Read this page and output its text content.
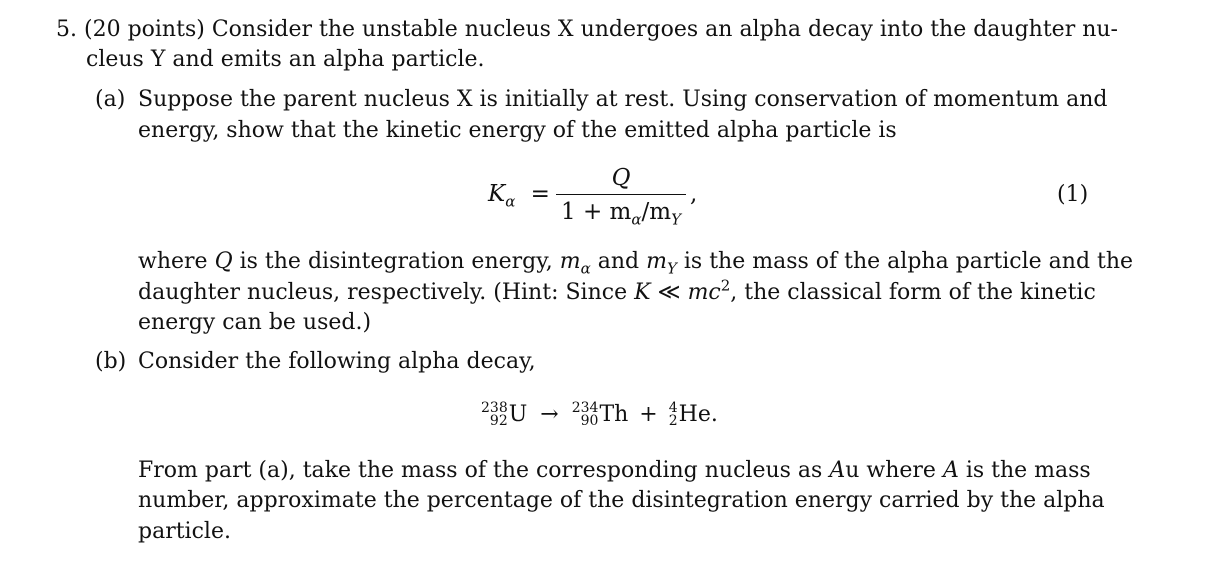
5. (20 points) Consider the unstable nucleus X undergoes an alpha decay into the daughter nu-
cleus Y and emits an alpha particle.
(a) Suppose the parent nucleus X is initially at rest. Using conservation of momentum and
energy, show that the kinetic energy of the emitted alpha particle is
$K_\alpha$ =
Q
$1 + m_\alpha/m_Y$
,	(1)
where Q is the disintegration energy, $m_\alpha$ and $m_Y$ is the mass of the alpha particle and the
daughter nucleus, respectively. (Hint: Since K ≪ $mc^2$, the classical form of the kinetic
energy can be used.)
(b) Consider the following alpha decay,
238
92 U → 234
90 Th + 4
2 He.
From part (a), take the mass of the corresponding nucleus as Au where A is the mass
number, approximate the percentage of the disintegration energy carried by the alpha
particle.
